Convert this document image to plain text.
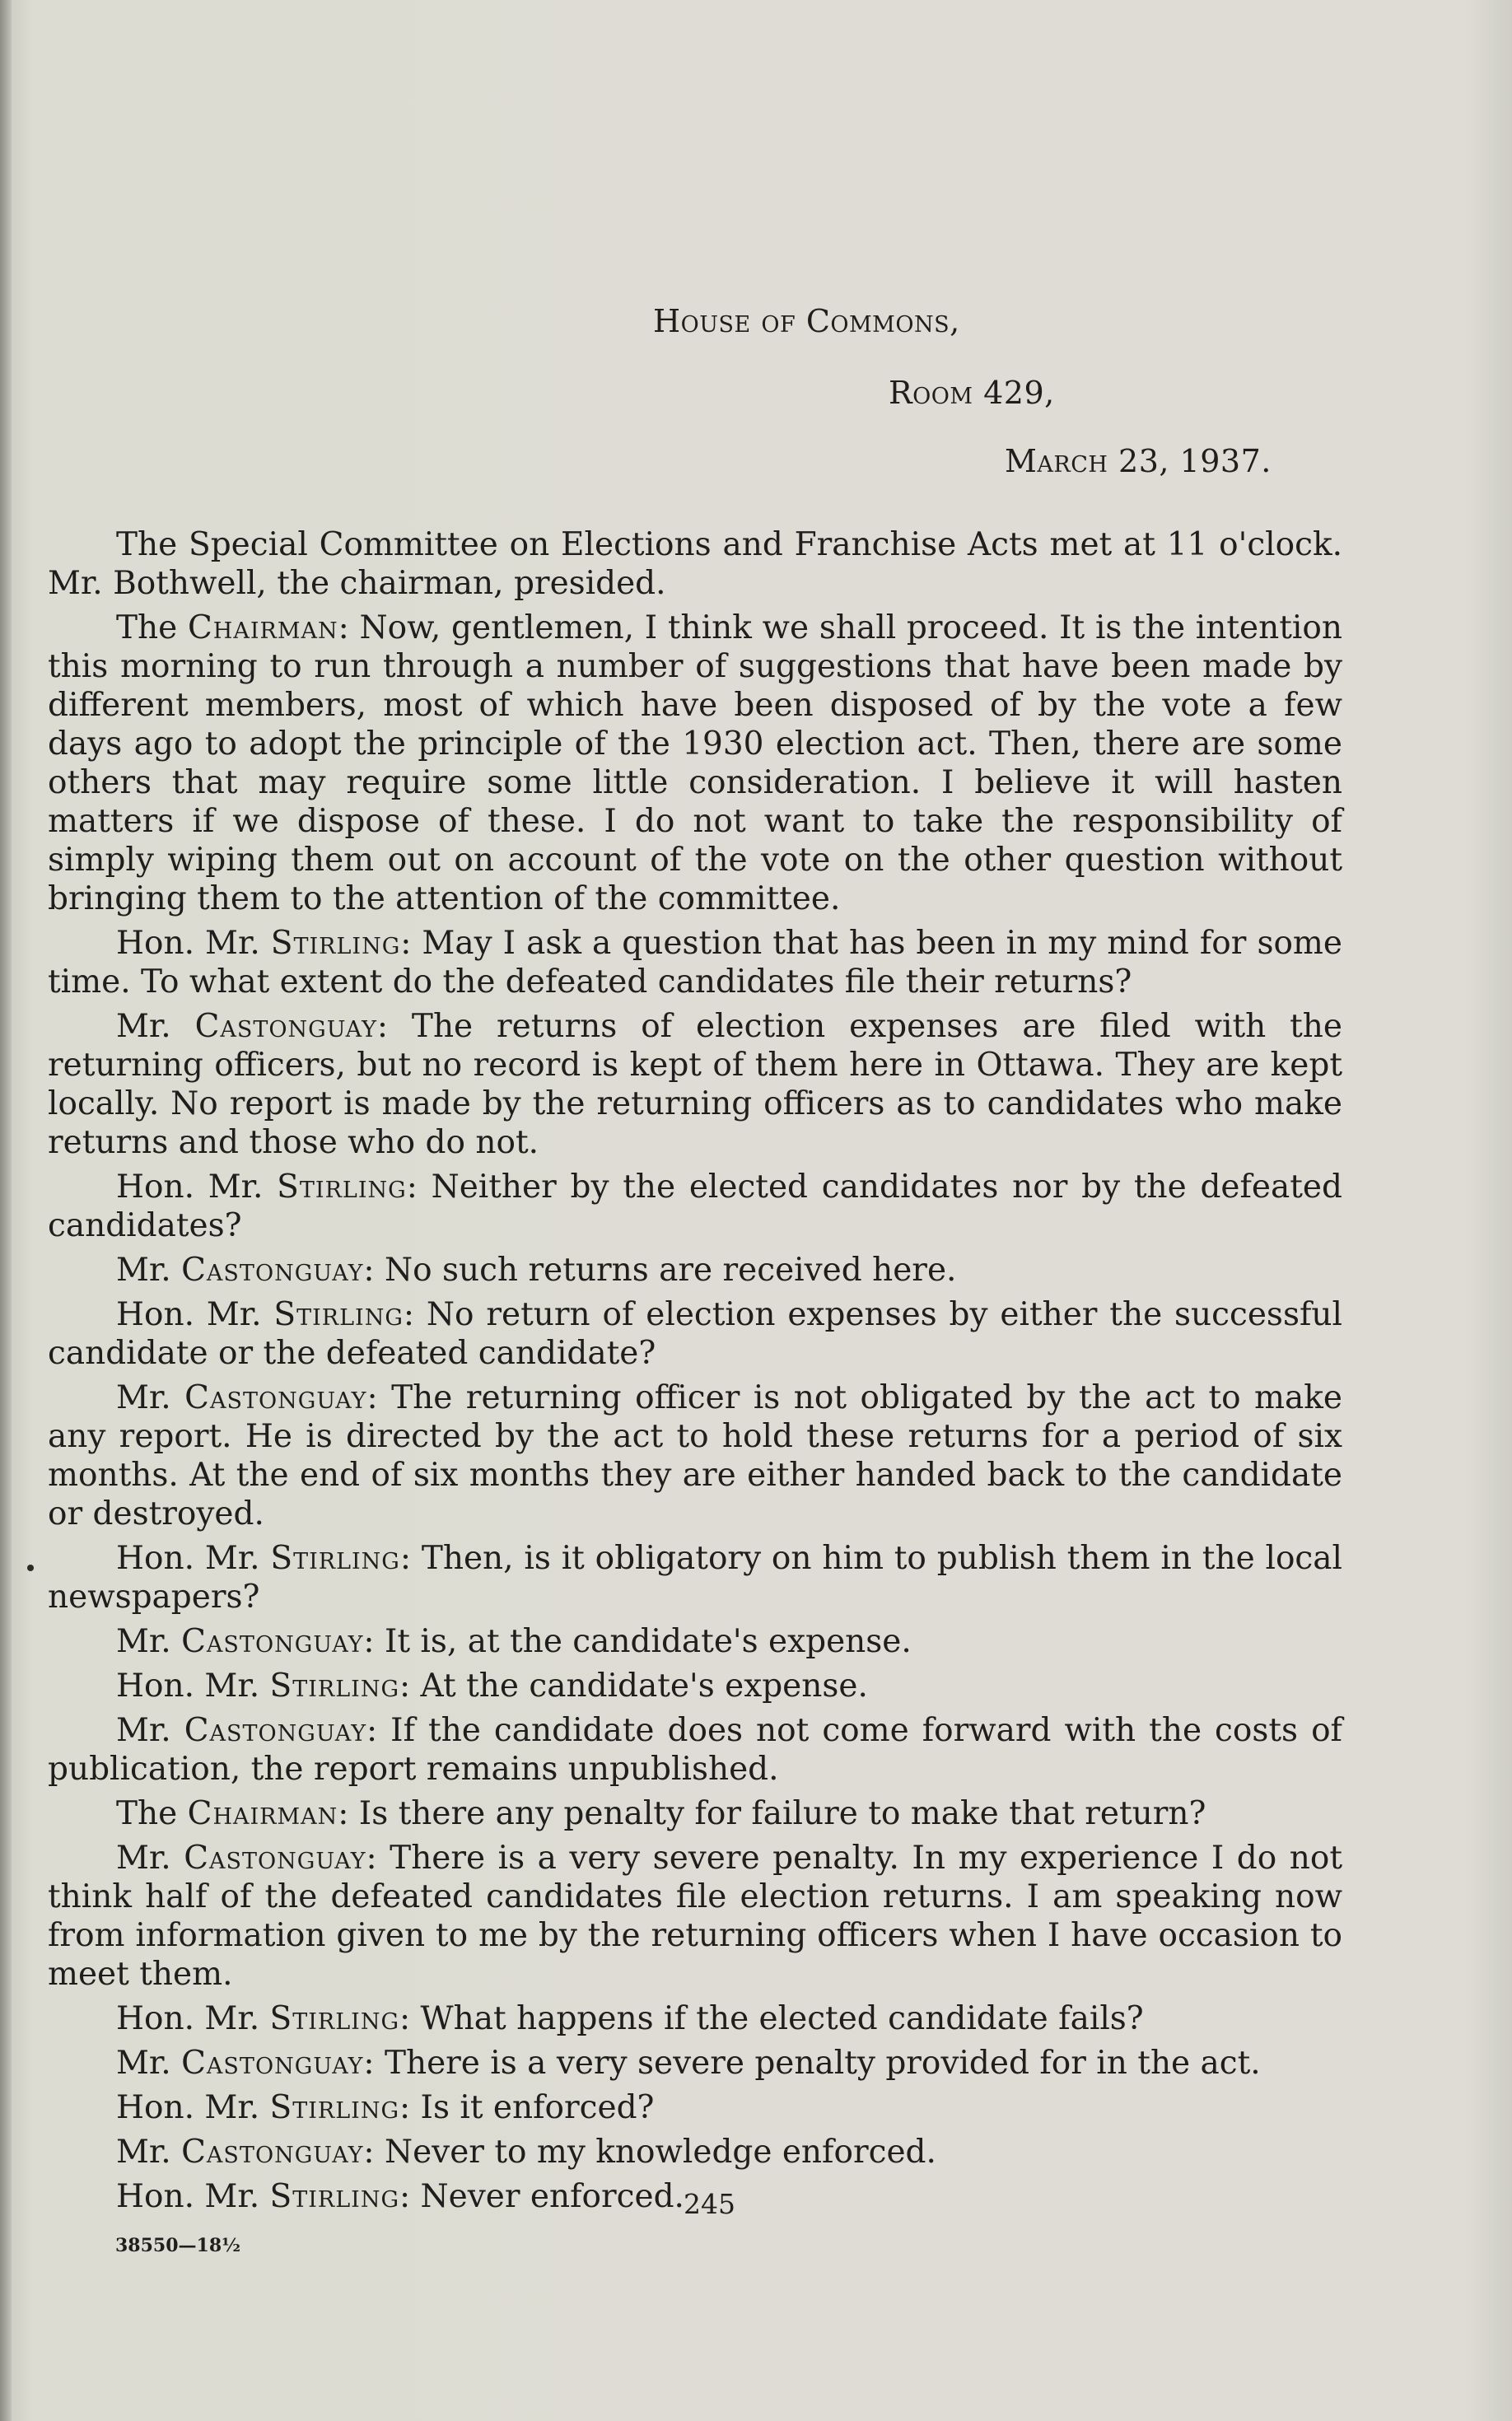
House of Commons,
Room 429,
March 23, 1937.

The Special Committee on Elections and Franchise Acts met at 11 o'clock. Mr. Bothwell, the chairman, presided.

The Chairman: Now, gentlemen, I think we shall proceed. It is the intention this morning to run through a number of suggestions that have been made by different members, most of which have been disposed of by the vote a few days ago to adopt the principle of the 1930 election act. Then, there are some others that may require some little consideration. I believe it will hasten matters if we dispose of these. I do not want to take the responsibility of simply wiping them out on account of the vote on the other question without bringing them to the attention of the committee.

Hon. Mr. Stirling: May I ask a question that has been in my mind for some time. To what extent do the defeated candidates file their returns?

Mr. Castonguay: The returns of election expenses are filed with the returning officers, but no record is kept of them here in Ottawa. They are kept locally. No report is made by the returning officers as to candidates who make returns and those who do not.

Hon. Mr. Stirling: Neither by the elected candidates nor by the defeated candidates?

Mr. Castonguay: No such returns are received here.

Hon. Mr. Stirling: No return of election expenses by either the successful candidate or the defeated candidate?

Mr. Castonguay: The returning officer is not obligated by the act to make any report. He is directed by the act to hold these returns for a period of six months. At the end of six months they are either handed back to the candidate or destroyed.

Hon. Mr. Stirling: Then, is it obligatory on him to publish them in the local newspapers?

Mr. Castonguay: It is, at the candidate's expense.

Hon. Mr. Stirling: At the candidate's expense.

Mr. Castonguay: If the candidate does not come forward with the costs of publication, the report remains unpublished.

The Chairman: Is there any penalty for failure to make that return?

Mr. Castonguay: There is a very severe penalty. In my experience I do not think half of the defeated candidates file election returns. I am speaking now from information given to me by the returning officers when I have occasion to meet them.

Hon. Mr. Stirling: What happens if the elected candidate fails?

Mr. Castonguay: There is a very severe penalty provided for in the act.

Hon. Mr. Stirling: Is it enforced?

Mr. Castonguay: Never to my knowledge enforced.

Hon. Mr. Stirling: Never enforced. 245
38550—18½
